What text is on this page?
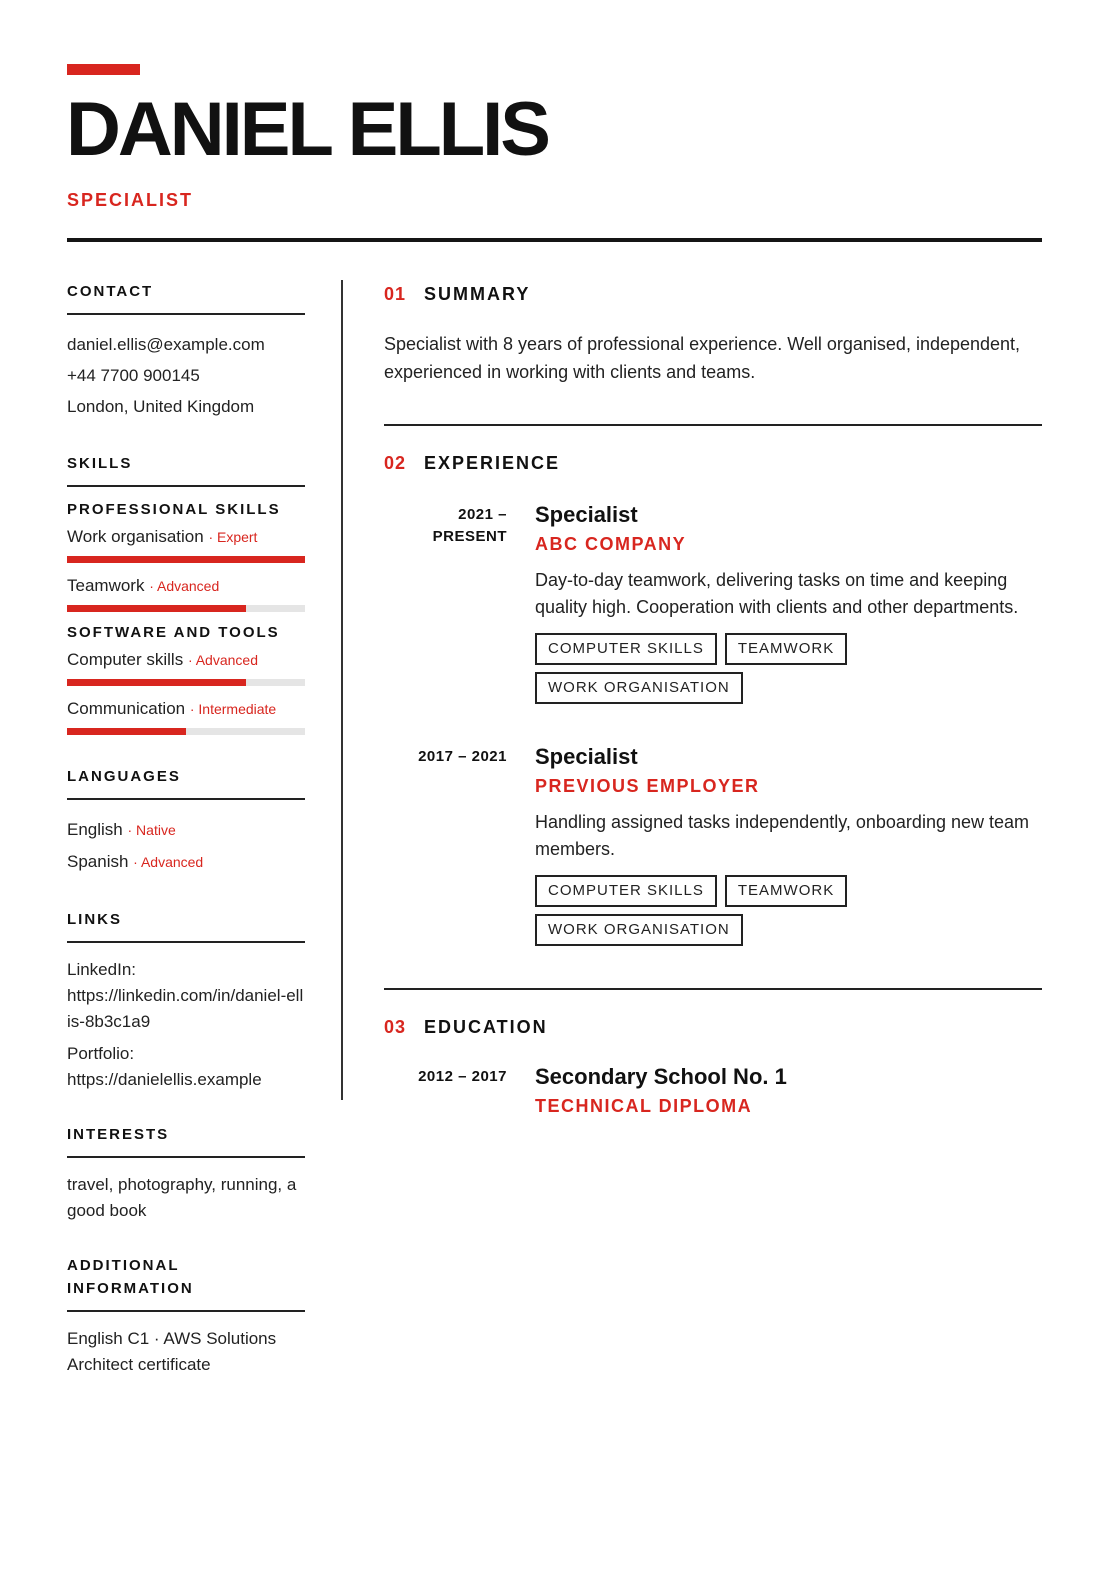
DANIEL ELLIS
SPECIALIST
CONTACT
daniel.ellis@example.com
+44 7700 900145
London, United Kingdom
SKILLS
PROFESSIONAL SKILLS
Work organisation · Expert
Teamwork · Advanced
SOFTWARE AND TOOLS
Computer skills · Advanced
Communication · Intermediate
LANGUAGES
English · Native
Spanish · Advanced
LINKS
LinkedIn:
https://linkedin.com/in/daniel-ellis-8b3c1a9
Portfolio:
https://danielellis.example
INTERESTS
travel, photography, running, a good book
ADDITIONAL
INFORMATION
English C1 · AWS Solutions Architect certificate
01 SUMMARY

Specialist with 8 years of professional experience. Well organised, independent, experienced in working with clients and teams.

02 EXPERIENCE
2021 –
PRESENT
Specialist
ABC COMPANY

Day-to-day teamwork, delivering tasks on time and keeping quality high. Cooperation with clients and other departments.

COMPUTER SKILLS	TEAMWORK
WORK ORGANISATION
2017 – 2021 Specialist
PREVIOUS EMPLOYER

Handling assigned tasks independently, onboarding new team members.

COMPUTER SKILLS	TEAMWORK
WORK ORGANISATION
03 EDUCATION
2012 – 2017 Secondary School No. 1
TECHNICAL DIPLOMA
